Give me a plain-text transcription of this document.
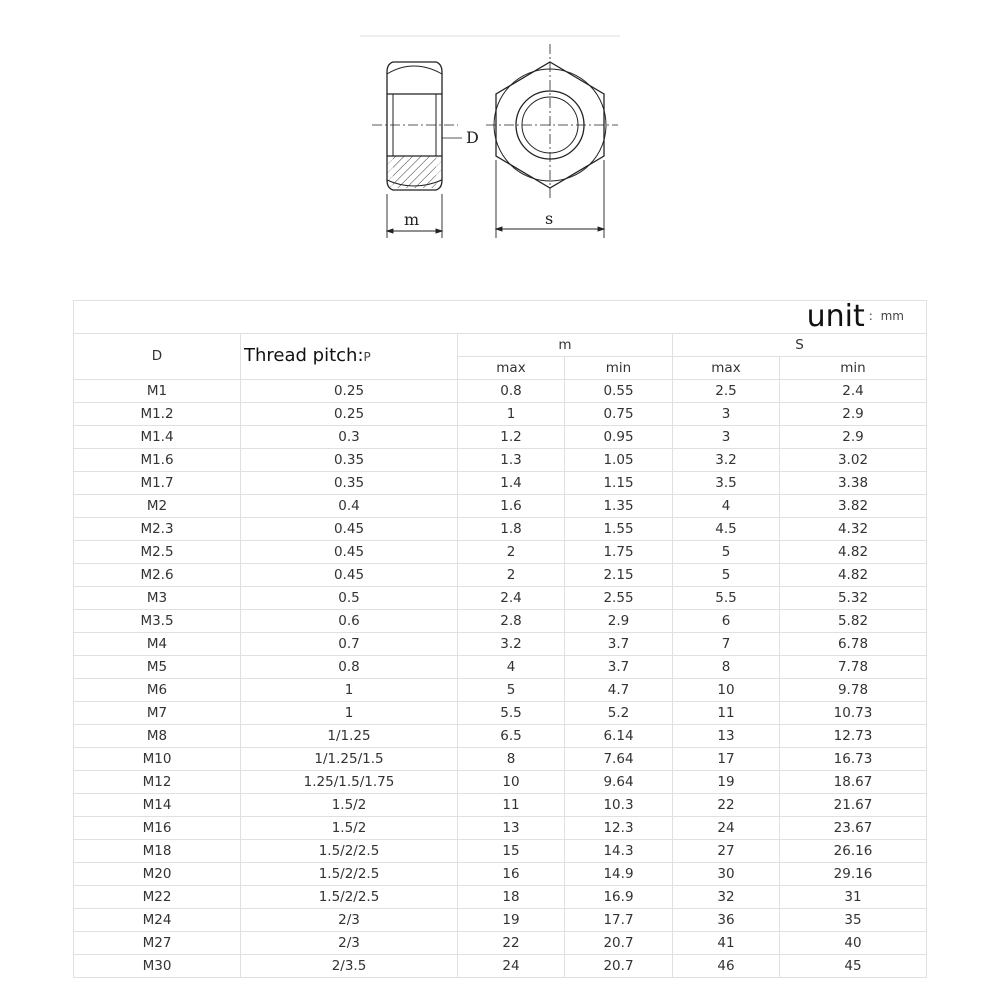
D
m	s
unit : mm					
D	Thread pitch:P	m		S	
		max	min	max	min
M1	0.25	0.8	0.55	2.5	2.4
M1.2	0.25	1	0.75	3	2.9
M1.4	0.3	1.2	0.95	3	2.9
M1.6	0.35	1.3	1.05	3.2	3.02
M1.7	0.35	1.4	1.15	3.5	3.38
M2	0.4	1.6	1.35	4	3.82
M2.3	0.45	1.8	1.55	4.5	4.32
M2.5	0.45	2	1.75	5	4.82
M2.6	0.45	2	2.15	5	4.82
M3	0.5	2.4	2.55	5.5	5.32
M3.5	0.6	2.8	2.9	6	5.82
M4	0.7	3.2	3.7	7	6.78
M5	0.8	4	3.7	8	7.78
M6	1	5	4.7	10	9.78
M7	1	5.5	5.2	11	10.73
M8	1/1.25	6.5	6.14	13	12.73
M10	1/1.25/1.5	8	7.64	17	16.73
M12	1.25/1.5/1.75	10	9.64	19	18.67
M14	1.5/2	11	10.3	22	21.67
M16	1.5/2	13	12.3	24	23.67
M18	1.5/2/2.5	15	14.3	27	26.16
M20	1.5/2/2.5	16	14.9	30	29.16
M22	1.5/2/2.5	18	16.9	32	31
M24	2/3	19	17.7	36	35
M27	2/3	22	20.7	41	40
M30	2/3.5	24	20.7	46	45
